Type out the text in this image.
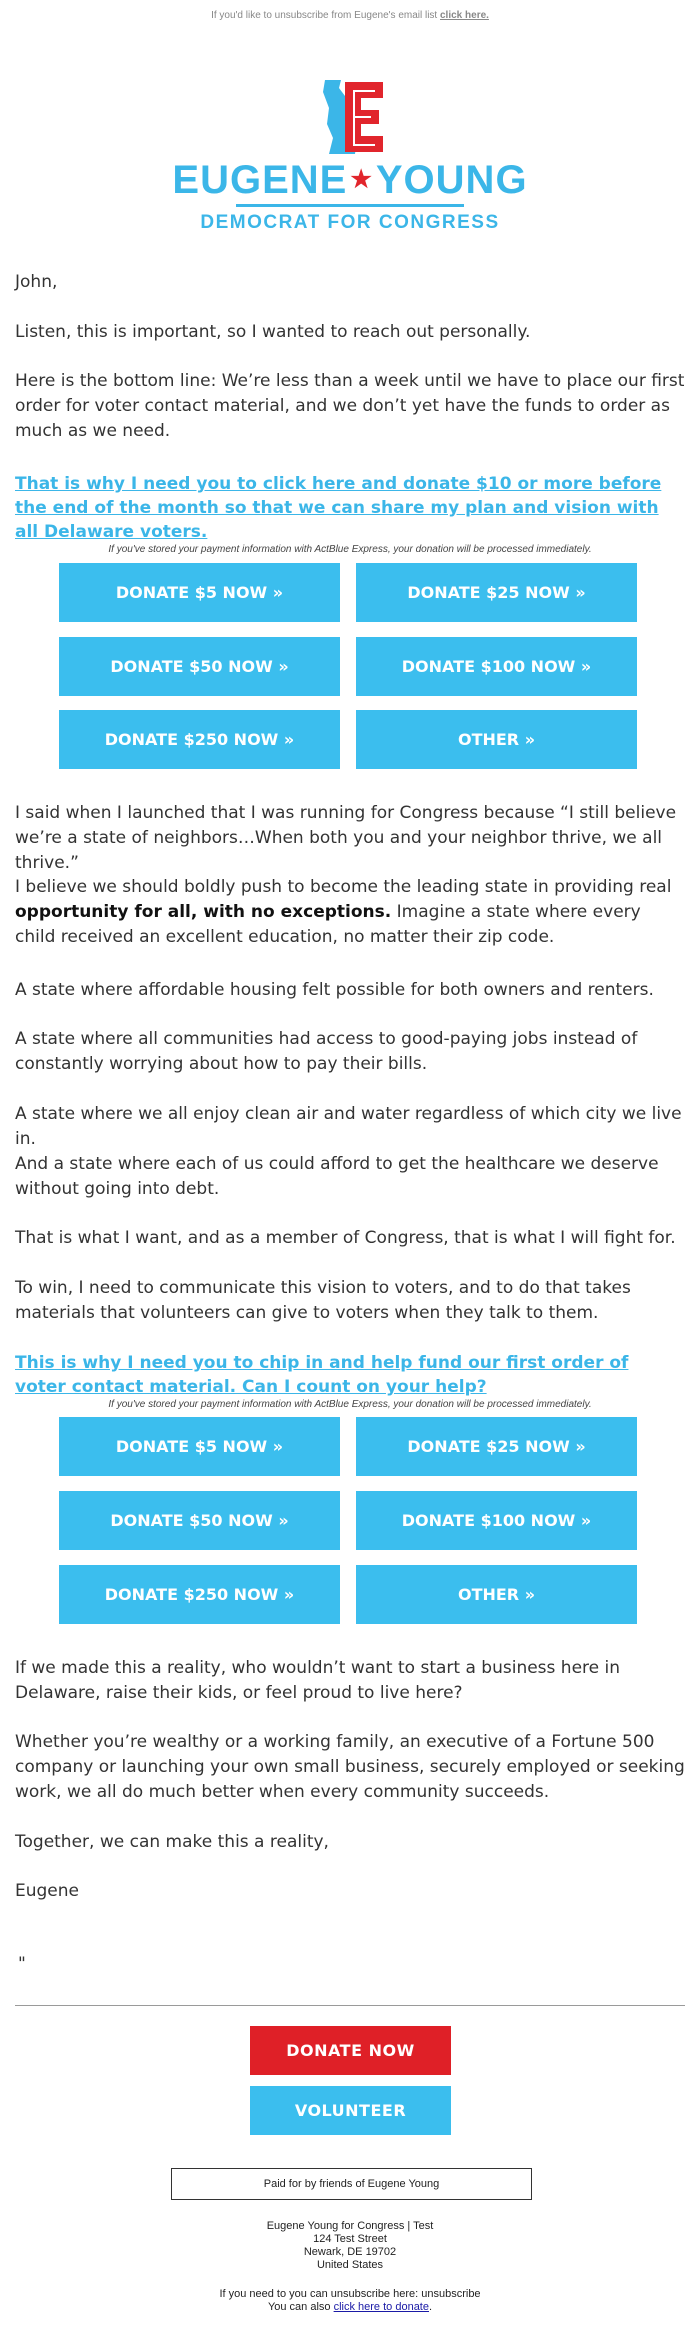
If you'd like to unsubscribe from Eugene's email list click here.
EUGENE ★YOUNG
DEMOCRAT FOR CONGRESS
John,
Listen, this is important, so I wanted to reach out personally.
Here is the bottom line: We’re less than a week until we have to place our first order for voter contact material, and we don’t yet have the funds to order as much as we need.
That is why I need you to click here and donate $10 or more before the end of the month so that we can share my plan and vision with all Delaware voters.
If you've stored your payment information with ActBlue Express, your donation will be processed immediately.
DONATE $5 NOW »	DONATE $25 NOW »
DONATE $50 NOW »	DONATE $100 NOW »
DONATE $250 NOW »	OTHER »
I said when I launched that I was running for Congress because “I still believe we’re a state of neighbors…When both you and your neighbor thrive, we all thrive.”
I believe we should boldly push to become the leading state in providing real opportunity for all, with no exceptions. Imagine a state where every child received an excellent education, no matter their zip code.
A state where affordable housing felt possible for both owners and renters.
A state where all communities had access to good-paying jobs instead of constantly worrying about how to pay their bills.
A state where we all enjoy clean air and water regardless of which city we live in.
And a state where each of us could afford to get the healthcare we deserve without going into debt.
That is what I want, and as a member of Congress, that is what I will fight for.
To win, I need to communicate this vision to voters, and to do that takes materials that volunteers can give to voters when they talk to them.
This is why I need you to chip in and help fund our first order of voter contact material. Can I count on your help?
If you've stored your payment information with ActBlue Express, your donation will be processed immediately.
DONATE $5 NOW »	DONATE $25 NOW »
DONATE $50 NOW »	DONATE $100 NOW »
DONATE $250 NOW »	OTHER »
If we made this a reality, who wouldn’t want to start a business here in Delaware, raise their kids, or feel proud to live here?
Whether you’re wealthy or a working family, an executive of a Fortune 500 company or launching your own small business, securely employed or seeking work, we all do much better when every community succeeds.
Together, we can make this a reality,
Eugene
"
DONATE NOW
VOLUNTEER
Paid for by friends of Eugene Young
Eugene Young for Congress | Test
124 Test Street
Newark, DE 19702
United States
If you need to you can unsubscribe here: unsubscribe
You can also click here to donate.
